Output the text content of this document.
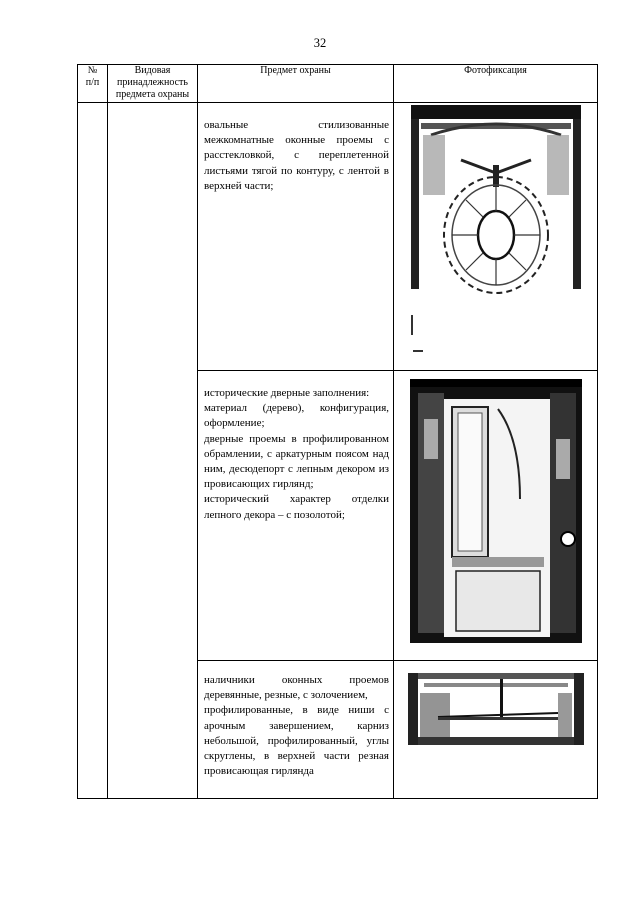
32
№
п/п	Видовая
принадлежность
предмета охраны	Предмет охраны	Фотофиксация

		овальные стилизованные межкомнатные оконные проемы с расстекловкой, с переплетенной листьями тягой по контуру, с лентой в верхней части;

		исторические дверные заполнения:
материал (дерево), конфигурация, оформление;
дверные проемы в профилированном обрамлении, с аркатурным поясом над ним, десюдепорт с лепным декором из провисающих гирлянд;
исторический характер отделки лепного декора – с позолотой;

		наличники оконных проемов деревянные, резные, с золочением,
профилированные, в виде ниши с арочным завершением, карниз небольшой, профилированный, углы скруглены, в верхней части резная провисающая гирлянда
